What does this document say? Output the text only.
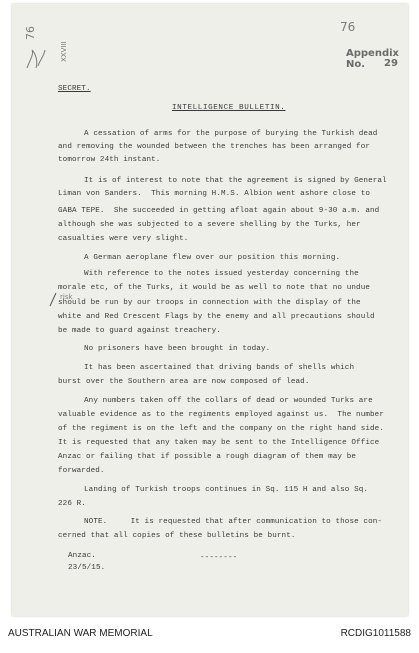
76
76
XXVIII	Appendix No.	29
SECRET.
INTELLIGENCE BULLETIN.
A cessation of arms for the purpose of burying the Turkish dead
and removing the wounded between the trenches has been arranged for
tomorrow 24th instant.
It is of interest to note that the agreement is signed by General
Liman von Sanders.  This morning H.M.S. Albion went ashore close to
GABA TEPE.  She succeeded in getting afloat again about 9-30 a.m. and
although she was subjected to a severe shelling by the Turks, her
casualties were very slight.
A German aeroplane flew over our position this morning.
With reference to the notes issued yesterday concerning the
morale etc, of the Turks, it would be as well to note that no undue
risk
should be run by our troops in connection with the display of the
white and Red Crescent Flags by the enemy and all precautions should
be made to guard against treachery.
No prisoners have been brought in today.
It has been ascertained that driving bands of shells which
burst over the Southern area are now composed of lead.
Any numbers taken off the collars of dead or wounded Turks are
valuable evidence as to the regiments employed against us.  The number
of the regiment is on the left and the company on the right hand side.
It is requested that any taken may be sent to the Intelligence Office
Anzac or failing that if possible a rough diagram of them may be
forwarded.
Landing of Turkish troops continues in Sq. 115 H and also Sq.
226 R.
NOTE.     It is requested that after communication to those con-
cerned that all copies of these bulletins be burnt.
Anzac.
23/5/15.
--------
AUSTRALIAN WAR MEMORIAL	RCDIG1011588
